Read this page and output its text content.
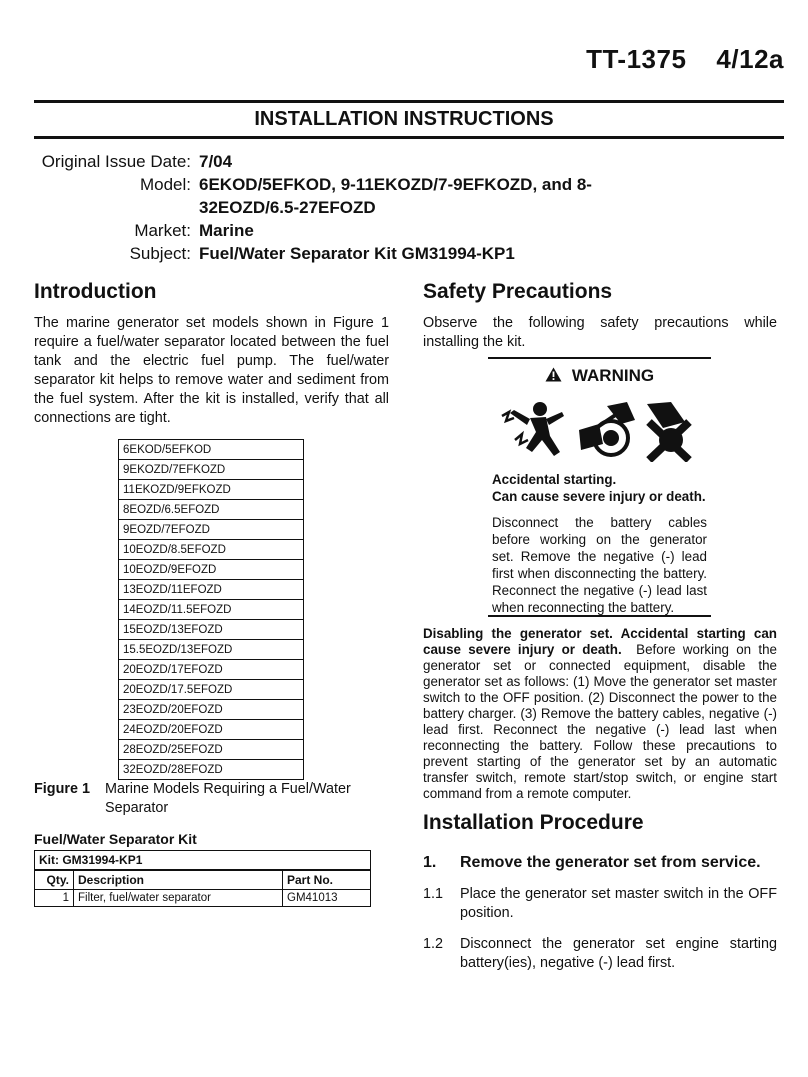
TT-1375 4/12a
INSTALLATION INSTRUCTIONS
Original Issue Date: 7/04
Model: 6EKOD/5EFKOD, 9-11EKOZD/7-9EFKOZD, and 8-32EOZD/6.5-27EFOZD
Market: Marine
Subject: Fuel/Water Separator Kit GM31994-KP1
Introduction

The marine generator set models shown in Figure 1 require a fuel/water separator located between the fuel tank and the electric fuel pump. The fuel/water separator kit helps to remove water and sediment from the fuel system. After the kit is installed, verify that all connections are tight.

6EKOD/5EFKOD
9EKOZD/7EFKOZD
11EKOZD/9EFKOZD
8EOZD/6.5EFOZD
9EOZD/7EFOZD
10EOZD/8.5EFOZD
10EOZD/9EFOZD
13EOZD/11EFOZD
14EOZD/11.5EFOZD
15EOZD/13EFOZD
15.5EOZD/13EFOZD
20EOZD/17EFOZD
20EOZD/17.5EFOZD
23EOZD/20EFOZD
24EOZD/20EFOZD
28EOZD/25EFOZD
32EOZD/28EFOZD
Figure 1	Marine Models Requiring a Fuel/Water Separator
Fuel/Water Separator Kit
Kit: GM31994-KP1		
Qty.	Description	Part No.
1	Filter, fuel/water separator	GM41013
Safety Precautions

Observe the following safety precautions while installing the kit.

WARNING
Accidental starting.
Can cause severe injury or death.
Disconnect the battery cables before working on the generator set. Remove the negative (-) lead first when disconnecting the battery. Reconnect the negative (-) lead last when reconnecting the battery.

Disabling the generator set. Accidental starting can cause severe injury or death. Before working on the generator set or connected equipment, disable the generator set as follows: (1) Move the generator set master switch to the OFF position. (2) Disconnect the power to the battery charger. (3) Remove the battery cables, negative (-) lead first. Reconnect the negative (-) lead last when reconnecting the battery. Follow these precautions to prevent starting of the generator set by an automatic transfer switch, remote start/stop switch, or engine start command from a remote computer.

Installation Procedure
1.	Remove the generator set from service.
1.1	Place the generator set master switch in the OFF position.
1.2	Disconnect the generator set engine starting battery(ies), negative (-) lead first.
